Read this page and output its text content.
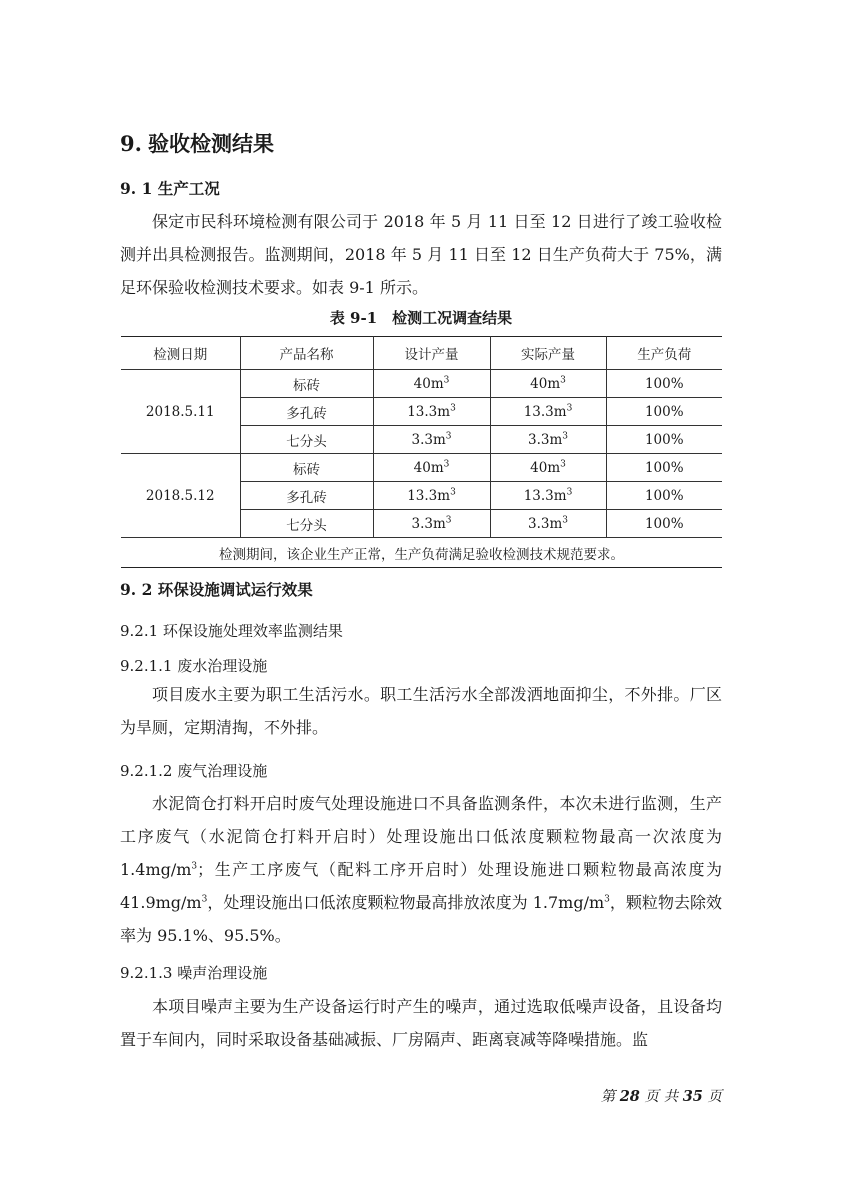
9. 验收检测结果
9. 1 生产工况

保定市民科环境检测有限公司于 2018 年 5 月 11 日至 12 日进行了竣工验收检测并出具检测报告。监测期间，2018 年 5 月 11 日至 12 日生产负荷大于 75%，满足环保验收检测技术要求。如表 9-1 所示。

表 9-1　检测工况调查结果
检测日期	产品名称	设计产量	实际产量	生产负荷
2018.5.11	标砖	$40m^3$	$40m^3$	100%
	多孔砖	$13.3m^3$	$13.3m^3$	100%
	七分头	$3.3m^3$	$3.3m^3$	100%
2018.5.12	标砖	$40m^3$	$40m^3$	100%
	多孔砖	$13.3m^3$	$13.3m^3$	100%
	七分头	$3.3m^3$	$3.3m^3$	100%
检测期间，该企业生产正常，生产负荷满足验收检测技术规范要求。				
9. 2 环保设施调试运行效果
9.2.1 环保设施处理效率监测结果
9.2.1.1 废水治理设施

项目废水主要为职工生活污水。职工生活污水全部泼洒地面抑尘，不外排。厂区为旱厕，定期清掏，不外排。

9.2.1.2 废气治理设施

水泥筒仓打料开启时废气处理设施进口不具备监测条件，本次未进行监测，生产工序废气（水泥筒仓打料开启时）处理设施出口低浓度颗粒物最高一次浓度为 $1.4mg/m^3$；生产工序废气（配料工序开启时）处理设施进口颗粒物最高浓度为 $41.9mg/m^3$，处理设施出口低浓度颗粒物最高排放浓度为 $1.7mg/m^3$，颗粒物去除效率为 95.1%、95.5%。

9.2.1.3 噪声治理设施

本项目噪声主要为生产设备运行时产生的噪声，通过选取低噪声设备，且设备均置于车间内，同时采取设备基础减振、厂房隔声、距离衰减等降噪措施。监

第 28 页 共 35 页
